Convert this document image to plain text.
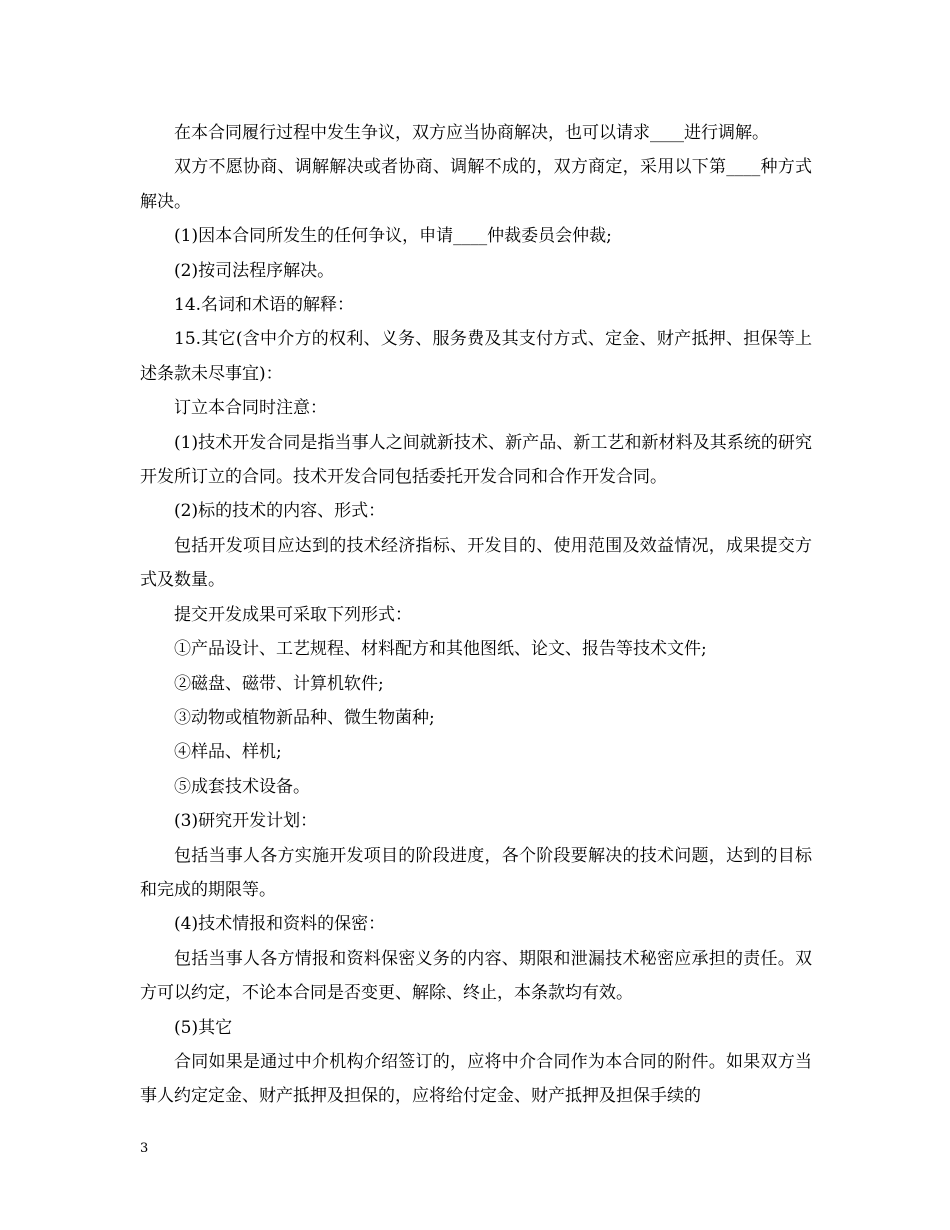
在本合同履行过程中发生争议，双方应当协商解决，也可以请求____进行调解。

双方不愿协商、调解解决或者协商、调解不成的，双方商定，采用以下第____种方式解决。

(1)因本合同所发生的任何争议，申请____仲裁委员会仲裁;

(2)按司法程序解决。

14.名词和术语的解释：

15.其它(含中介方的权利、义务、服务费及其支付方式、定金、财产抵押、担保等上述条款未尽事宜)：

订立本合同时注意：

(1)技术开发合同是指当事人之间就新技术、新产品、新工艺和新材料及其系统的研究开发所订立的合同。技术开发合同包括委托开发合同和合作开发合同。

(2)标的技术的内容、形式：

包括开发项目应达到的技术经济指标、开发目的、使用范围及效益情况，成果提交方式及数量。

提交开发成果可采取下列形式：

①产品设计、工艺规程、材料配方和其他图纸、论文、报告等技术文件;

②磁盘、磁带、计算机软件;

③动物或植物新品种、微生物菌种;

④样品、样机;

⑤成套技术设备。

(3)研究开发计划：

包括当事人各方实施开发项目的阶段进度，各个阶段要解决的技术问题，达到的目标和完成的期限等。

(4)技术情报和资料的保密：

包括当事人各方情报和资料保密义务的内容、期限和泄漏技术秘密应承担的责任。双方可以约定，不论本合同是否变更、解除、终止，本条款均有效。

(5)其它

合同如果是通过中介机构介绍签订的，应将中介合同作为本合同的附件。如果双方当事人约定定金、财产抵押及担保的，应将给付定金、财产抵押及担保手续的

3
